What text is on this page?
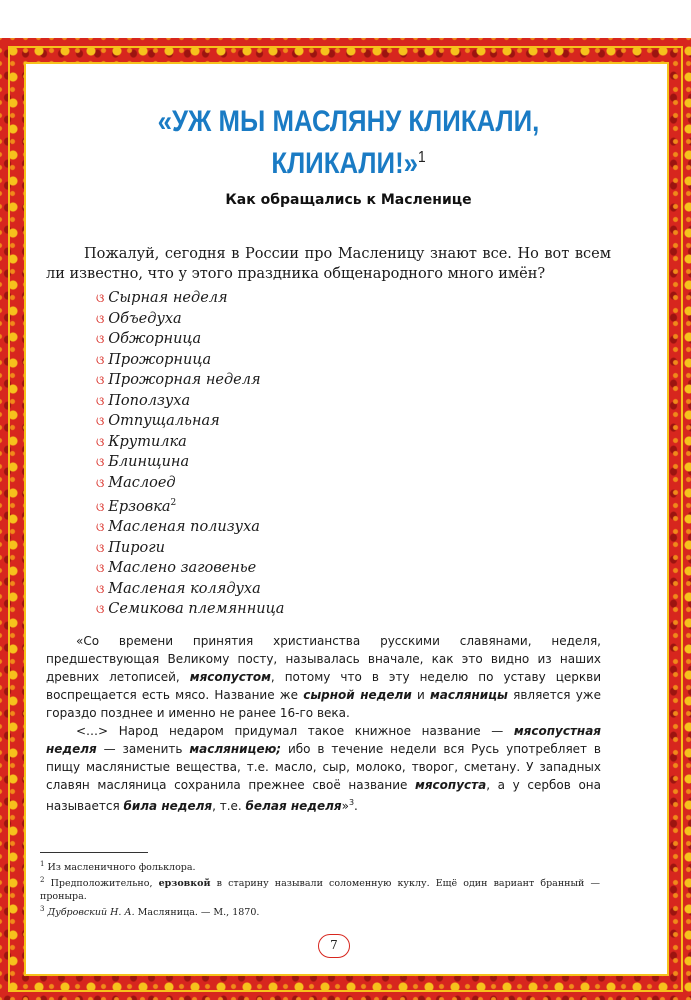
«УЖ МЫ МАСЛЯНУ КЛИКАЛИ,
КЛИКАЛИ!»$^1$
Как обращались к Масленице
Пожалуй, сегодня в России про Масленицу знают все. Но вот всем ли известно, что у этого праздника общенародного много имён?
ଓ Сырная неделя
ଓ Объедуха
ଓ Обжорница
ଓ Прожорница
ଓ Прожорная неделя
ଓ Поползуха
ଓ Отпущальная
ଓ Крутилка
ଓ Блинщина
ଓ Маслоед
ଓ Ерзовка$^2$
ଓ Масленая полизуха
ଓ Пироги
ଓ Маслено заговенье
ଓ Масленая колядуха
ଓ Семикова племянница

«Со времени принятия христианства русскими славянами, неделя, предшествующая Великому посту, называлась вначале, как это видно из наших древних летописей, мясопустом, потому что в эту неделю по уставу церкви воспрещается есть мясо. Название же сырной недели и масляницы является уже гораздо позднее и именно не ранее 16-го века.

<…> Народ недаром придумал такое книжное название — мясопустная неделя — заменить масляницею; ибо в течение недели вся Русь употребляет в пищу маслянистые вещества, т.е. масло, сыр, молоко, творог, сметану. У западных славян масляница сохранила прежнее своё название мясопуста, а у сербов она называется била неделя, т.е. белая неделя»$^3$.

$^1$ Из масленичного фольклора.
$^2$ Предположительно, ерзовкой в старину называли соломенную куклу. Ещё один вариант бранный — проныра.
$^3$ Дубровский Н. А. Масляница. — М., 1870.
7
